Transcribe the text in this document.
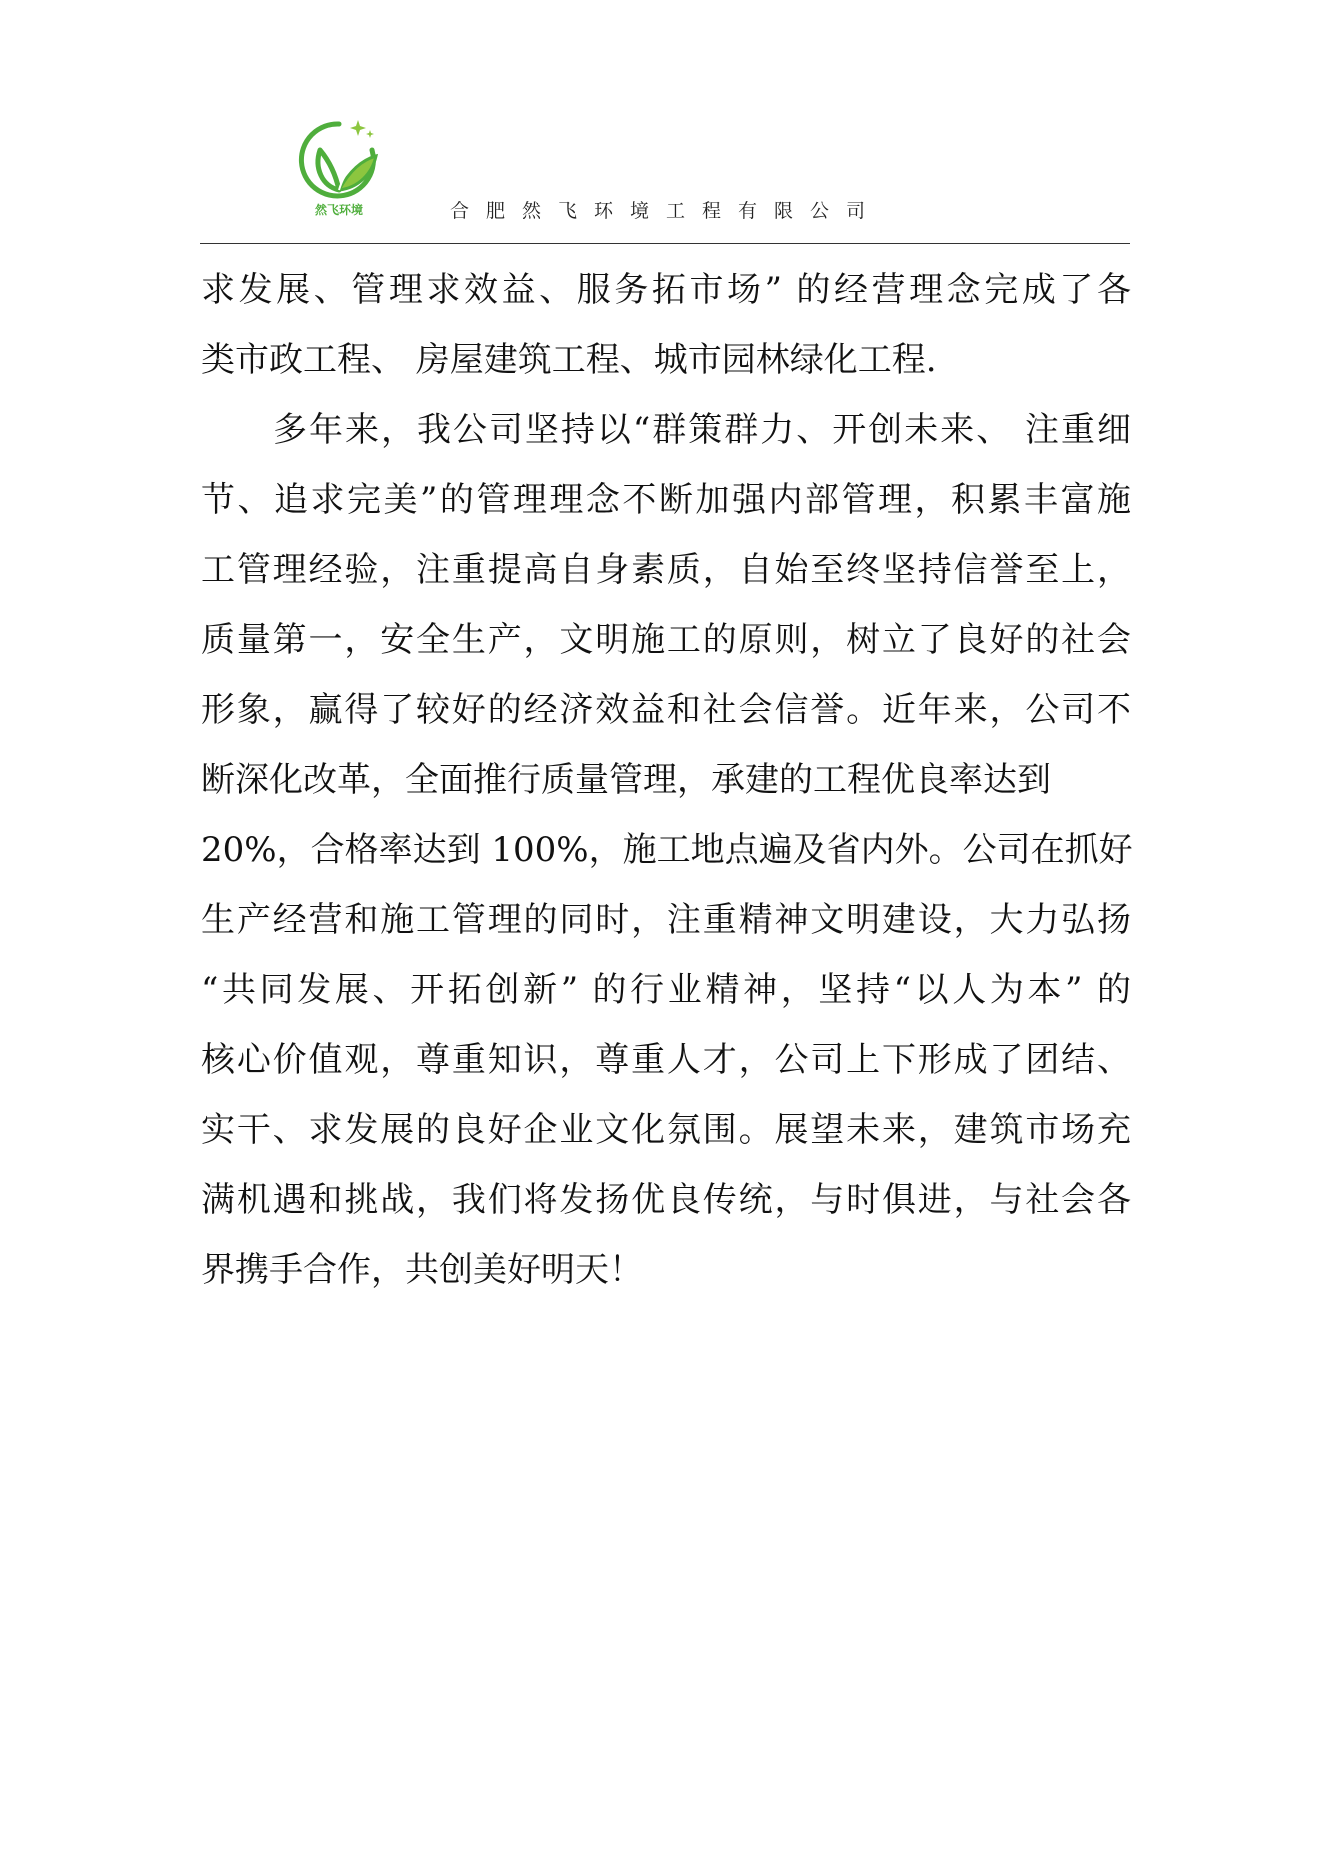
然飞环境	合肥然飞环境工程有限公司
求发展、管理求效益、服务拓市场” 的经营理念完成了各
类市政工程、 房屋建筑工程、城市园林绿化工程.
　　多年来，我公司坚持以“群策群力、开创未来、 注重细
节、追求完美”的管理理念不断加强内部管理，积累丰富施
工管理经验，注重提高自身素质，自始至终坚持信誉至上，
质量第一，安全生产，文明施工的原则，树立了良好的社会
形象，赢得了较好的经济效益和社会信誉。近年来，公司不
断深化改革，全面推行质量管理，承建的工程优良率达到
20%，合格率达到 100%，施工地点遍及省内外。公司在抓好
生产经营和施工管理的同时，注重精神文明建设，大力弘扬
“共同发展、开拓创新” 的行业精神，坚持“以人为本” 的
核心价值观，尊重知识，尊重人才，公司上下形成了团结、
实干、求发展的良好企业文化氛围。展望未来，建筑市场充
满机遇和挑战，我们将发扬优良传统，与时俱进，与社会各
界携手合作，共创美好明天！
